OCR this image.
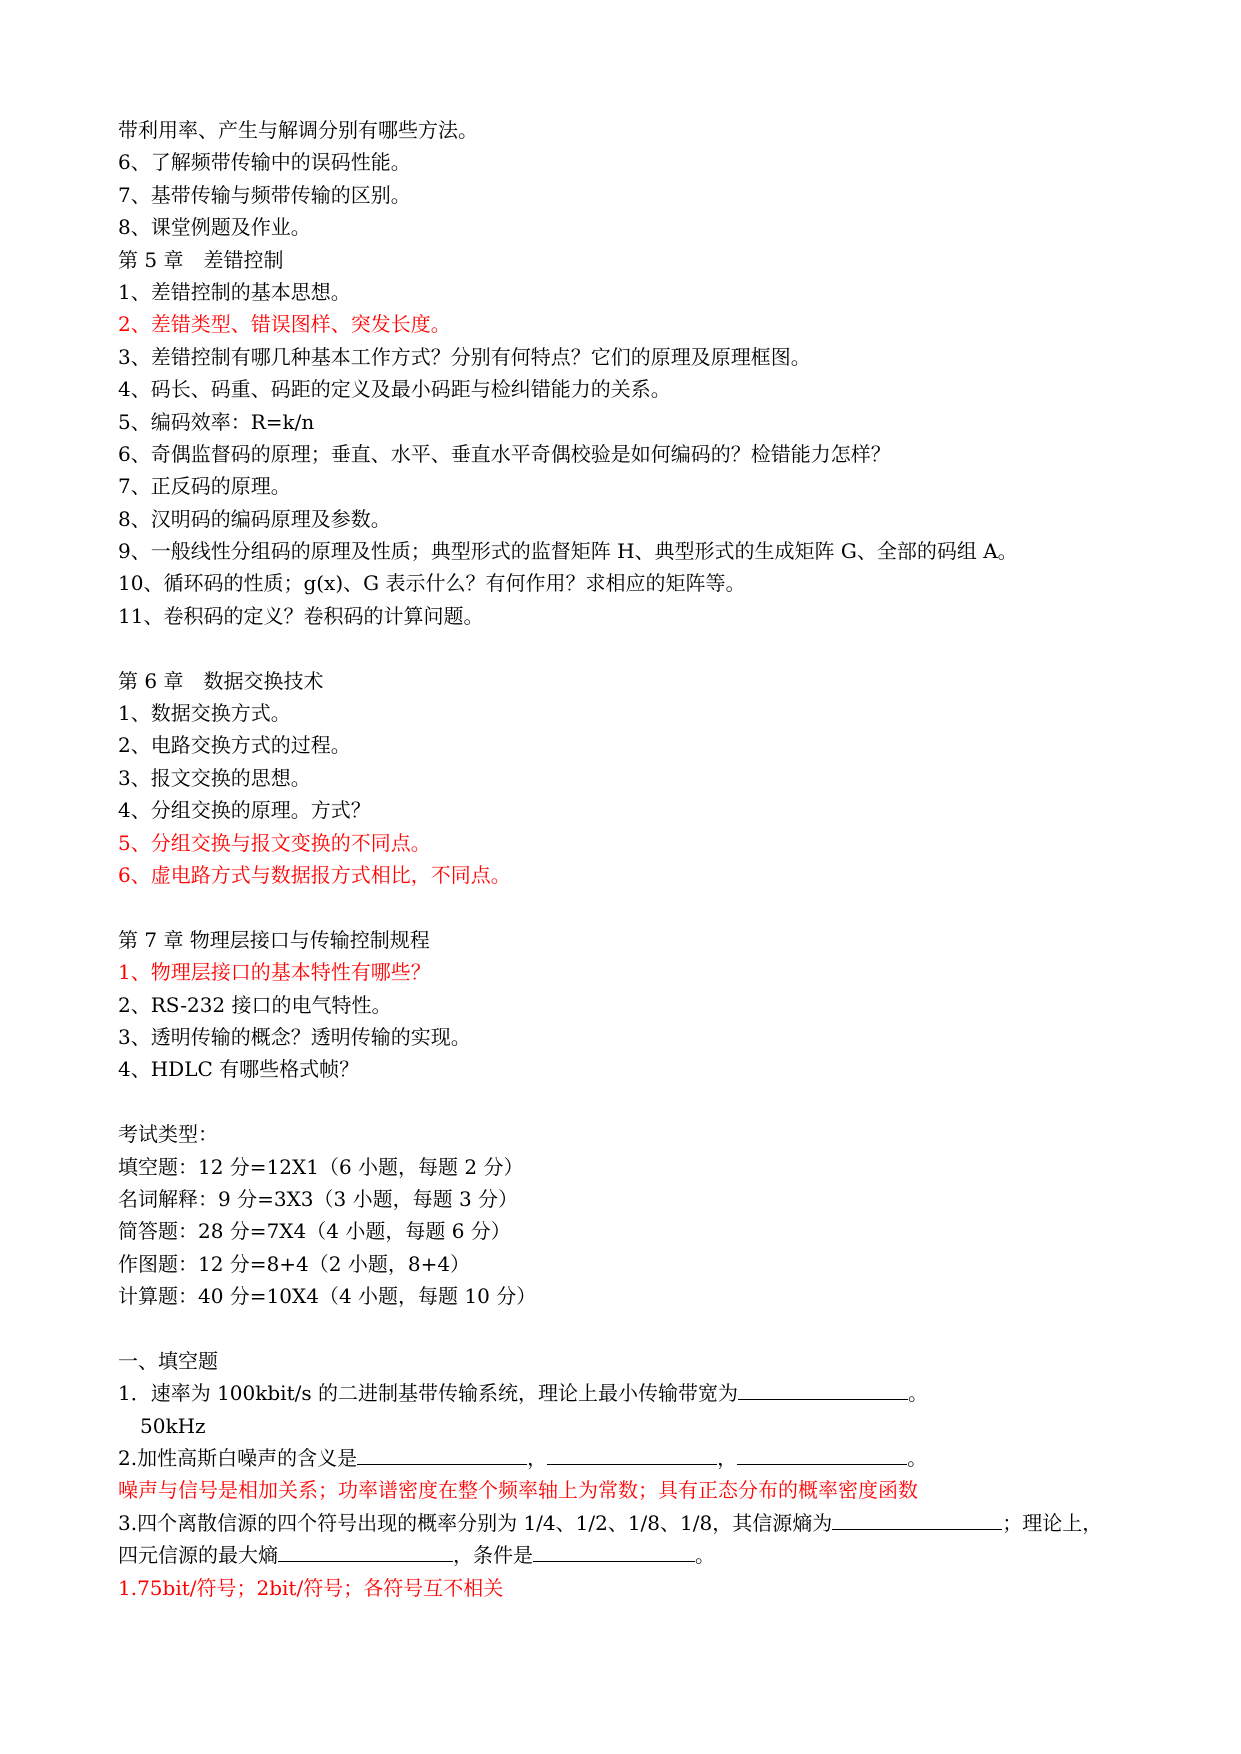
带利用率、产生与解调分别有哪些方法。
6、了解频带传输中的误码性能。
7、基带传输与频带传输的区别。
8、课堂例题及作业。
第 5 章　差错控制
1、差错控制的基本思想。
2、差错类型、错误图样、突发长度。
3、差错控制有哪几种基本工作方式？分别有何特点？它们的原理及原理框图。
4、码长、码重、码距的定义及最小码距与检纠错能力的关系。
5、编码效率：R=k/n
6、奇偶监督码的原理；垂直、水平、垂直水平奇偶校验是如何编码的？检错能力怎样？
7、正反码的原理。
8、汉明码的编码原理及参数。
9、一般线性分组码的原理及性质；典型形式的监督矩阵 H、典型形式的生成矩阵 G、全部的码组 A。
10、循环码的性质；g(x)、G 表示什么？有何作用？求相应的矩阵等。
11、卷积码的定义？卷积码的计算问题。
第 6 章　数据交换技术
1、数据交换方式。
2、电路交换方式的过程。
3、报文交换的思想。
4、分组交换的原理。方式？
5、分组交换与报文变换的不同点。
6、虚电路方式与数据报方式相比，不同点。
第 7 章 物理层接口与传输控制规程
1、物理层接口的基本特性有哪些？
2、RS-232 接口的电气特性。
3、透明传输的概念？透明传输的实现。
4、HDLC 有哪些格式帧？
考试类型：
填空题：12 分=12X1（6 小题，每题 2 分）
名词解释：9 分=3X3（3 小题，每题 3 分）
简答题：28 分=7X4（4 小题，每题 6 分）
作图题：12 分=8+4（2 小题，8+4）
计算题：40 分=10X4（4 小题，每题 10 分）
一、填空题
1．速率为 100kbit/s 的二进制基带传输系统，理论上最小传输带宽为	。
50kHz
2.加性高斯白噪声的含义是	，	，	。
噪声与信号是相加关系；功率谱密度在整个频率轴上为常数；具有正态分布的概率密度函数
3.四个离散信源的四个符号出现的概率分别为 1/4、1/2、1/8、1/8，其信源熵为	；理论上，
四元信源的最大熵	，条件是	。
1.75bit/符号；2bit/符号；各符号互不相关
